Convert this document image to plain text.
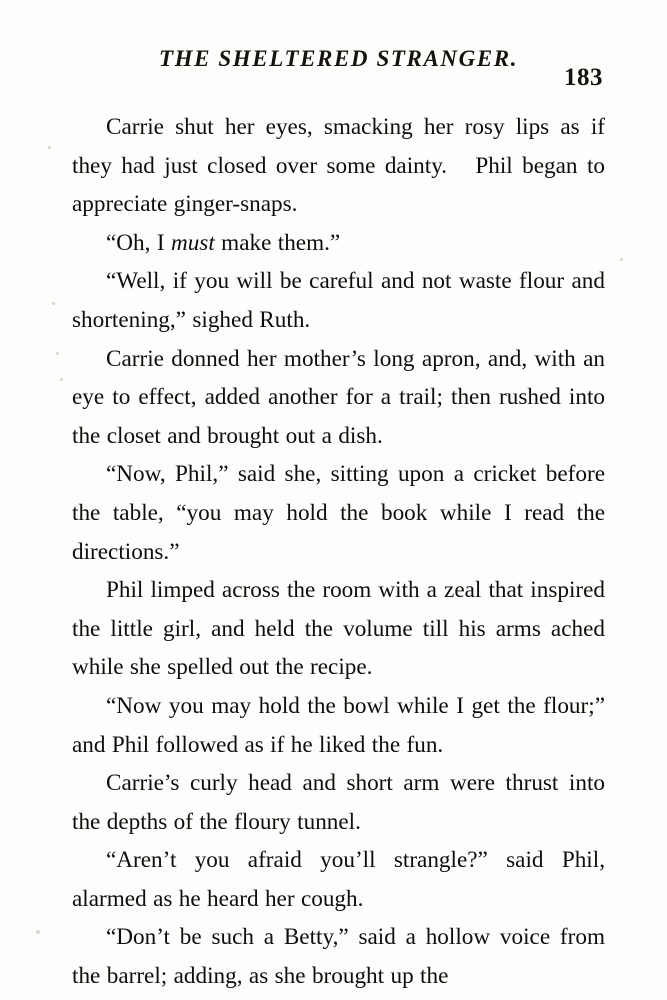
THE SHELTERED STRANGER.
183

Carrie shut her eyes, smacking her rosy lips as if they had just closed over some dainty.   Phil began to appreciate ginger-snaps.

“Oh, I must make them.”

“Well, if you will be careful and not waste flour and shortening,” sighed Ruth.

Carrie donned her mother’s long apron, and, with an eye to effect, added another for a trail; then rushed into the closet and brought out a dish.

“Now, Phil,” said she, sitting upon a cricket before the table, “you may hold the book while I read the directions.”

Phil limped across the room with a zeal that inspired the little girl, and held the volume till his arms ached while she spelled out the recipe.

“Now you may hold the bowl while I get the flour;” and Phil followed as if he liked the fun.

Carrie’s curly head and short arm were thrust into the depths of the floury tunnel.

“Aren’t you afraid you’ll strangle?” said Phil, alarmed as he heard her cough.

“Don’t be such a Betty,” said a hollow voice from the barrel; adding, as she brought up the
